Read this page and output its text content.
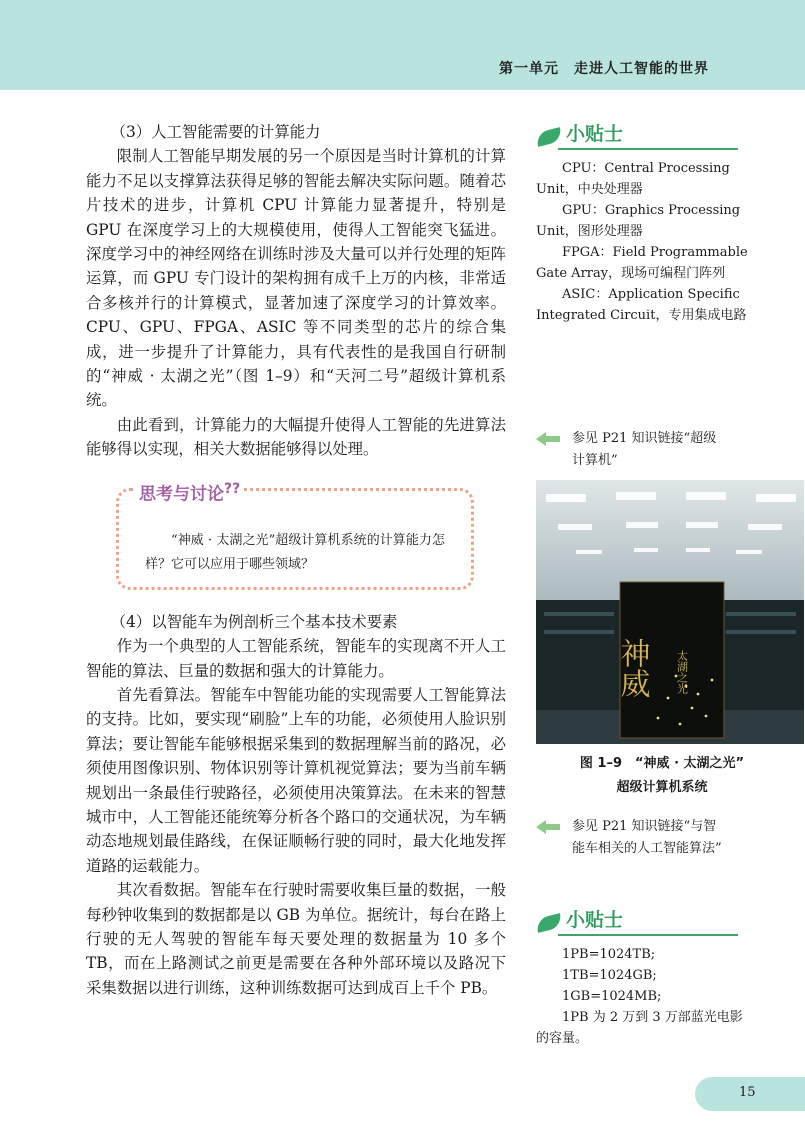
第一单元　走进人工智能的世界
（3）人工智能需要的计算能力

限制人工智能早期发展的另一个原因是当时计算机的计算能力不足以支撑算法获得足够的智能去解决实际问题。随着芯片技术的进步，计算机 CPU 计算能力显著提升，特别是 GPU 在深度学习上的大规模使用，使得人工智能突飞猛进。深度学习中的神经网络在训练时涉及大量可以并行处理的矩阵运算，而 GPU 专门设计的架构拥有成千上万的内核，非常适合多核并行的计算模式，显著加速了深度学习的计算效率。CPU、GPU、FPGA、ASIC 等不同类型的芯片的综合集成，进一步提升了计算能力，具有代表性的是我国自行研制的“神威 · 太湖之光”（图 1–9）和“天河二号”超级计算机系统。

由此看到，计算能力的大幅提升使得人工智能的先进算法能够得以实现，相关大数据能够得以处理。

思考与讨论??
“神威 · 太湖之光”超级计算机系统的计算能力怎样？它可以应用于哪些领域？
（4）以智能车为例剖析三个基本技术要素

作为一个典型的人工智能系统，智能车的实现离不开人工智能的算法、巨量的数据和强大的计算能力。

首先看算法。智能车中智能功能的实现需要人工智能算法的支持。比如，要实现“刷脸”上车的功能，必须使用人脸识别算法；要让智能车能够根据采集到的数据理解当前的路况，必须使用图像识别、物体识别等计算机视觉算法；要为当前车辆规划出一条最佳行驶路径，必须使用决策算法。在未来的智慧城市中，人工智能还能统筹分析各个路口的交通状况，为车辆动态地规划最佳路线，在保证顺畅行驶的同时，最大化地发挥道路的运载能力。

其次看数据。智能车在行驶时需要收集巨量的数据，一般每秒钟收集到的数据都是以 GB 为单位。据统计，每台在路上行驶的无人驾驶的智能车每天要处理的数据量为 10 多个 TB，而在上路测试之前更是需要在各种外部环境以及路况下采集数据以进行训练，这种训练数据可达到成百上千个 PB。

小贴士

CPU：Central Processing Unit，中央处理器

GPU：Graphics Processing Unit，图形处理器

FPGA：Field Programmable Gate Array，现场可编程门阵列

ASIC：Application Specific Integrated Circuit，专用集成电路

参见 P21 知识链接“超级计算机”
神威 太湖之光
图 1–9　“神威 · 太湖之光”
超级计算机系统
参见 P21 知识链接“与智能车相关的人工智能算法”
小贴士

1PB=1024TB;

1TB=1024GB;

1GB=1024MB;

1PB 为 2 万到 3 万部蓝光电影的容量。

15
